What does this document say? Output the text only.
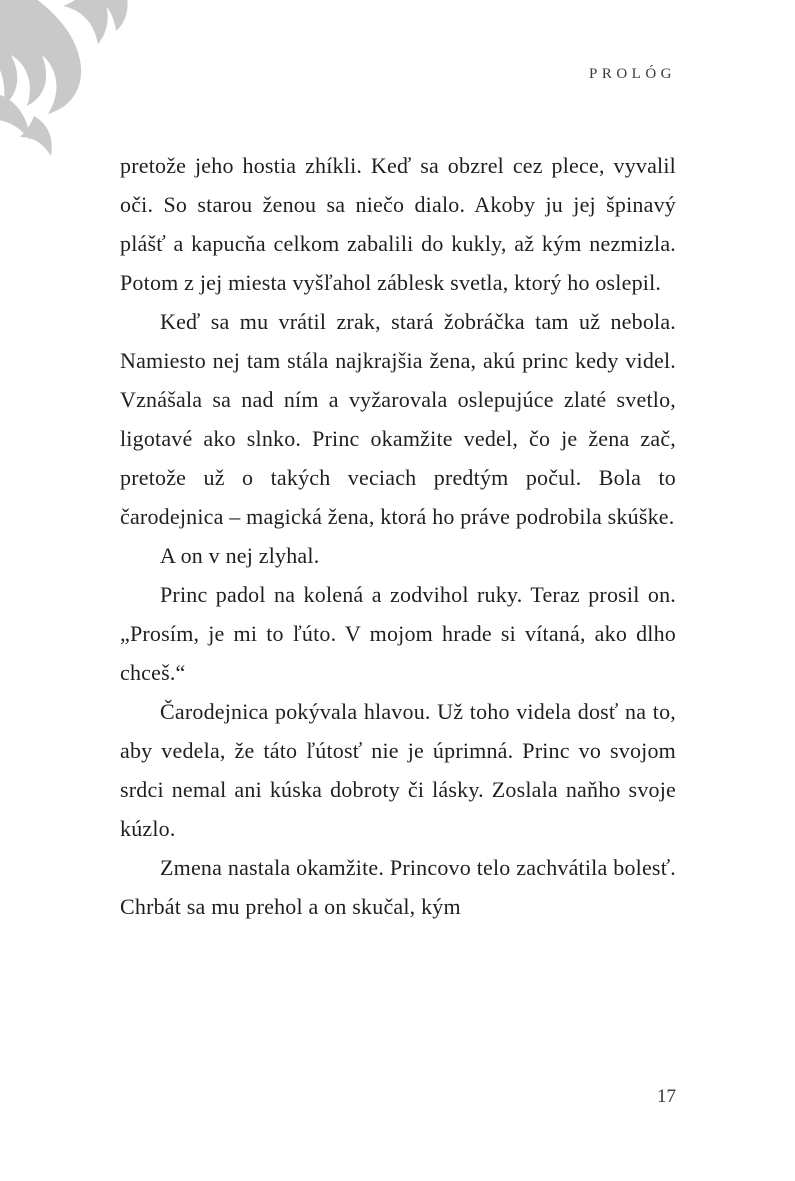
PROLÓG

pretože jeho hostia zhíkli. Keď sa obzrel cez plece, vyvalil oči. So starou ženou sa niečo dialo. Akoby ju jej špinavý plášť a kapucňa celkom zabalili do kukly, až kým nezmizla. Potom z jej miesta vyšľahol záblesk svetla, ktorý ho oslepil.

Keď sa mu vrátil zrak, stará žobráčka tam už nebola. Namiesto nej tam stála najkrajšia žena, akú princ kedy videl. Vznášala sa nad ním a vyžarovala oslepujúce zlaté svetlo, ligotavé ako slnko. Princ okamžite vedel, čo je žena zač, pretože už o takých veciach predtým počul. Bola to čarodejnica – magická žena, ktorá ho práve podrobila skúške.

A on v nej zlyhal.

Princ padol na kolená a zodvihol ruky. Teraz prosil on. „Prosím, je mi to ľúto. V mojom hrade si vítaná, ako dlho chceš.“

Čarodejnica pokývala hlavou. Už toho videla dosť na to, aby vedela, že táto ľútosť nie je úprimná. Princ vo svojom srdci nemal ani kúska dobroty či lásky. Zoslala naňho svoje kúzlo.

Zmena nastala okamžite. Princovo telo zachvátila bolesť. Chrbát sa mu prehol a on skučal, kým

17
